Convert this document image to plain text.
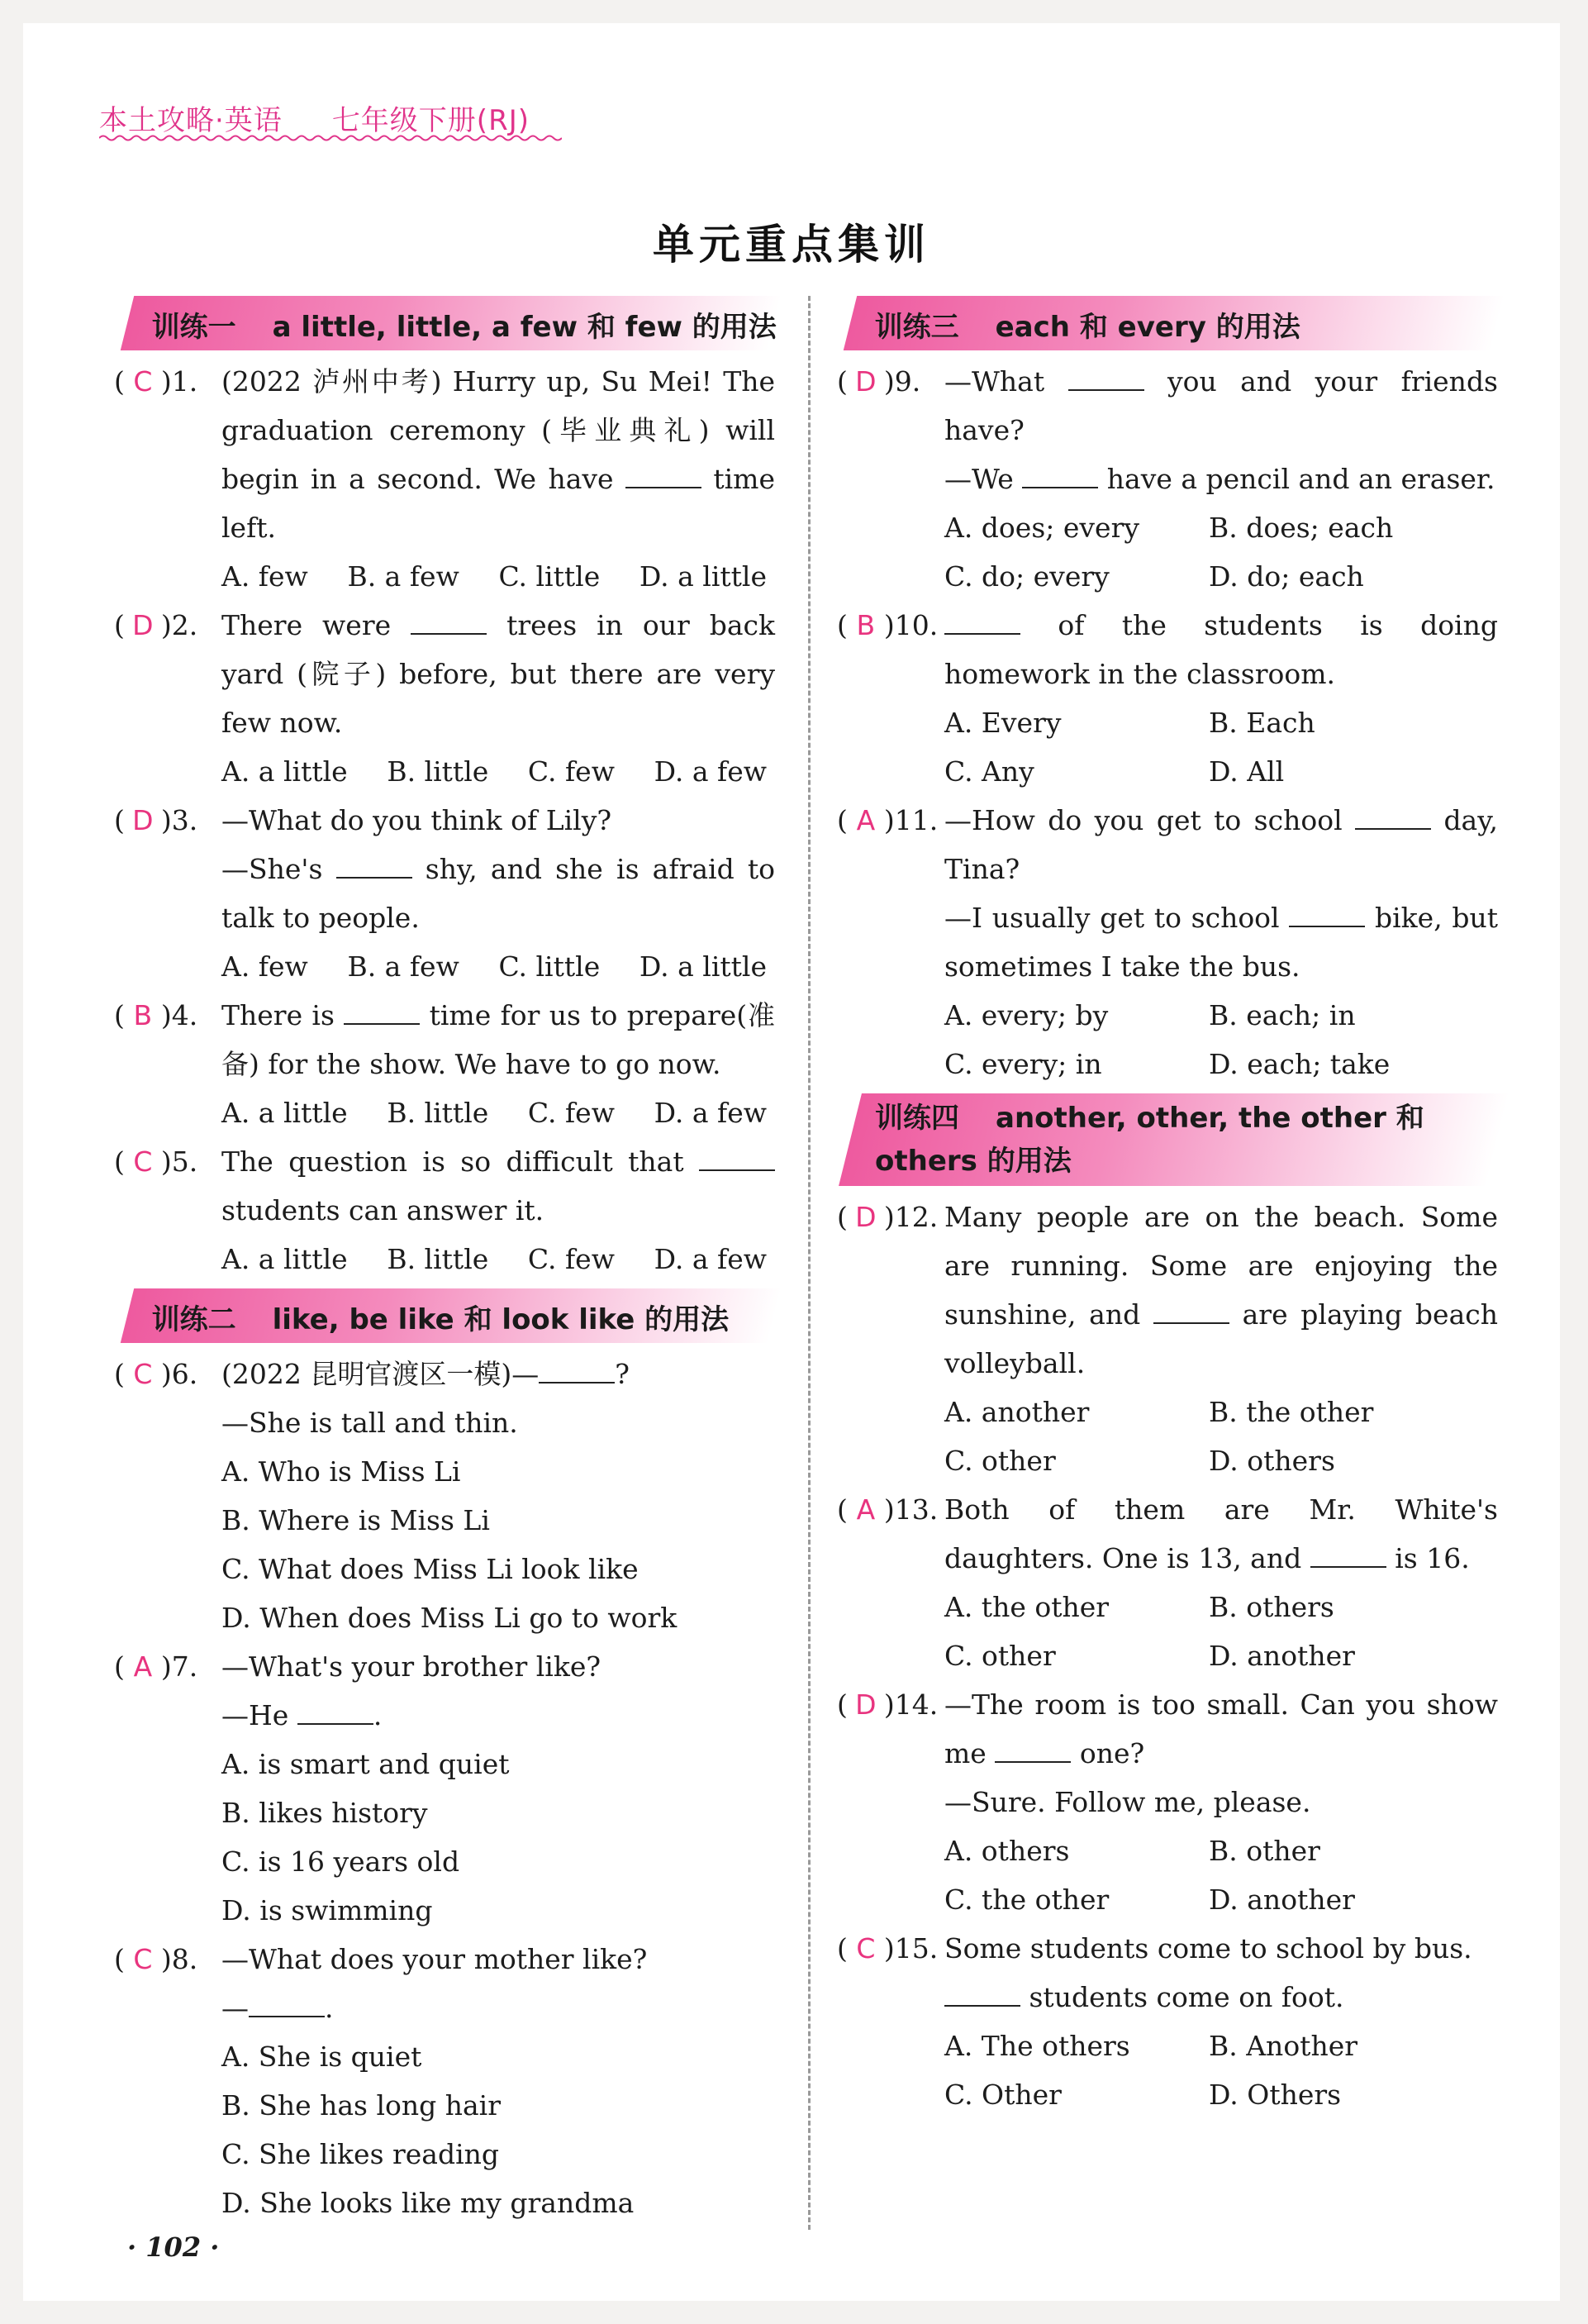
本土攻略·英语 七年级下册(RJ)
单元重点集训
训练一 a little, little, a few 和 few 的用法
( C )1. (2022 泸州中考) Hurry up, Su Mei! The graduation ceremony (毕业典礼) will begin in a second. We have	time left.
A. few B. a few C. little D. a little
( D )2. There were	trees in our back yard (院子) before, but there are very few now.
A. a little B. little C. few D. a few
( D )3. —What do you think of Lily?
—She's	shy, and she is afraid to talk to people.
A. few B. a few C. little D. a little
( B )4. There is	time for us to prepare(准备) for the show. We have to go now.
A. a little B. little C. few D. a few
( C )5. The question is so difficult that  students can answer it.
A. a little B. little C. few D. a few
训练二 like, be like 和 look like 的用法
( C )6. (2022 昆明官渡区一模)—	?
—She is tall and thin.
A. Who is Miss Li
B. Where is Miss Li
C. What does Miss Li look like
D. When does Miss Li go to work
( A )7. —What's your brother like?
—He	.
A. is smart and quiet
B. likes history
C. is 16 years old
D. is swimming
( C )8. —What does your mother like?
—	.
A. She is quiet
B. She has long hair
C. She likes reading
D. She looks like my grandma
训练三 each 和 every 的用法
( D )9. —What	you and your friends have?
—We	have a pencil and an eraser.
A. does; every	B. does; each
C. do; every	D. do; each
( B )10.	of the students is doing homework in the classroom.
A. Every	B. Each
C. Any	D. All
( A )11. —How do you get to school	day, Tina?
—I usually get to school	bike, but sometimes I take the bus.
A. every; by	B. each; in
C. every; in	D. each; take
训练四 another, other, the other 和 others 的用法
( D )12. Many people are on the beach. Some are running. Some are enjoying the sunshine, and	are playing beach volleyball.
A. another	B. the other
C. other	D. others
( A )13. Both of them are Mr. White's daughters. One is 13, and	is 16.
A. the other	B. others
C. other	D. another
( D )14. —The room is too small. Can you show me	one?
—Sure. Follow me, please.
A. others	B. other
C. the other	D. another
( C )15. Some students come to school by bus.
students come on foot.
A. The others	B. Another
C. Other	D. Others
· 102 ·
